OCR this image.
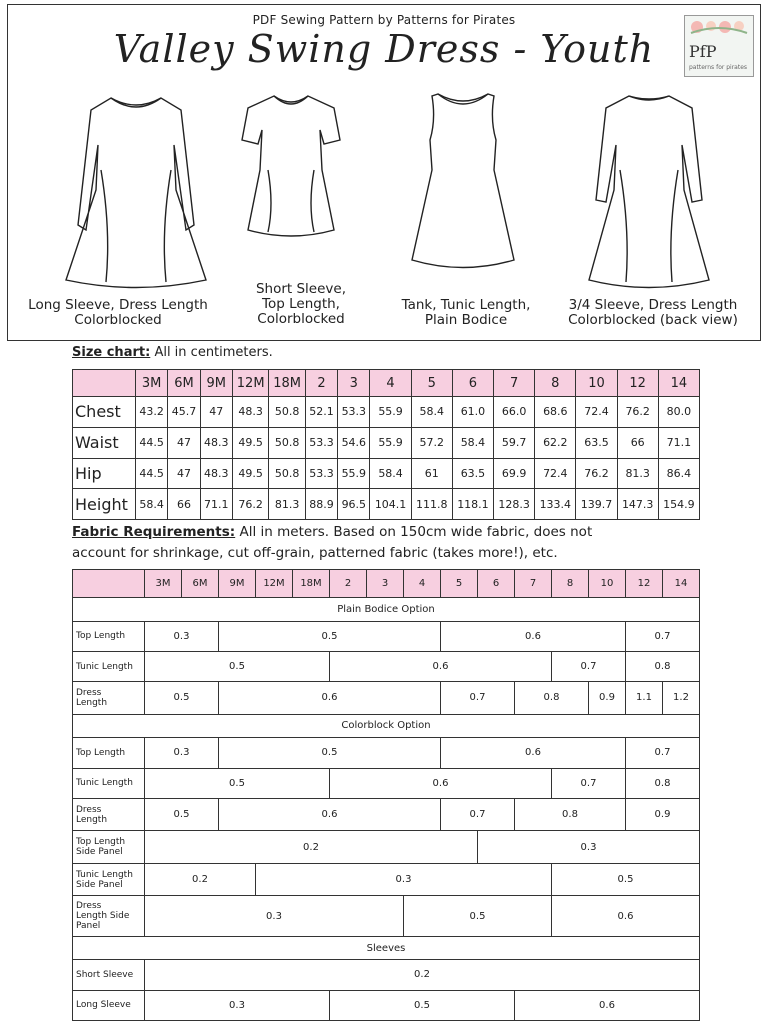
PDF Sewing Pattern by Patterns for Pirates
Valley Swing Dress - Youth	PfP
patterns for pirates
Long Sleeve, Dress Length
Colorblocked
Short Sleeve,
Top Length,
Colorblocked
Tank, Tunic Length,
Plain Bodice
3/4 Sleeve, Dress Length
Colorblocked (back view)
Size chart: All in centimeters.
	3M	6M	9M	12M	18M	2	3	4	5	6	7	8	10	12	14
Chest	43.2	45.7	47	48.3	50.8	52.1	53.3	55.9	58.4	61.0	66.0	68.6	72.4	76.2	80.0
Waist	44.5	47	48.3	49.5	50.8	53.3	54.6	55.9	57.2	58.4	59.7	62.2	63.5	66	71.1
Hip	44.5	47	48.3	49.5	50.8	53.3	55.9	58.4	61	63.5	69.9	72.4	76.2	81.3	86.4
Height	58.4	66	71.1	76.2	81.3	88.9	96.5	104.1	111.8	118.1	128.3	133.4	139.7	147.3	154.9
Fabric Requirements: All in meters. Based on 150cm wide fabric, does not
account for shrinkage, cut off-grain, patterned fabric (takes more!), etc.
	3M	6M	9M	12M	18M	2	3	4	5	6	7	8	10	12	14
Plain Bodice Option															
Top Length	0.3		0.5						0.6					0.7	
Tunic Length	0.5					0.6						0.7		0.8	
Dress
Length	0.5		0.6						0.7		0.8		0.9	1.1	1.2
Colorblock Option															
Top Length	0.3		0.5						0.6					0.7	
Tunic Length	0.5					0.6						0.7		0.8	
Dress
Length	0.5		0.6						0.7		0.8			0.9	
Top Length
Side Panel	0.2									0.3					
Tunic Length
Side Panel	0.2			0.3								0.5			
Dress
Length Side
Panel	0.3							0.5				0.6			
Sleeves															
Short Sleeve	0.2														
Long Sleeve	0.3					0.5					0.6				
